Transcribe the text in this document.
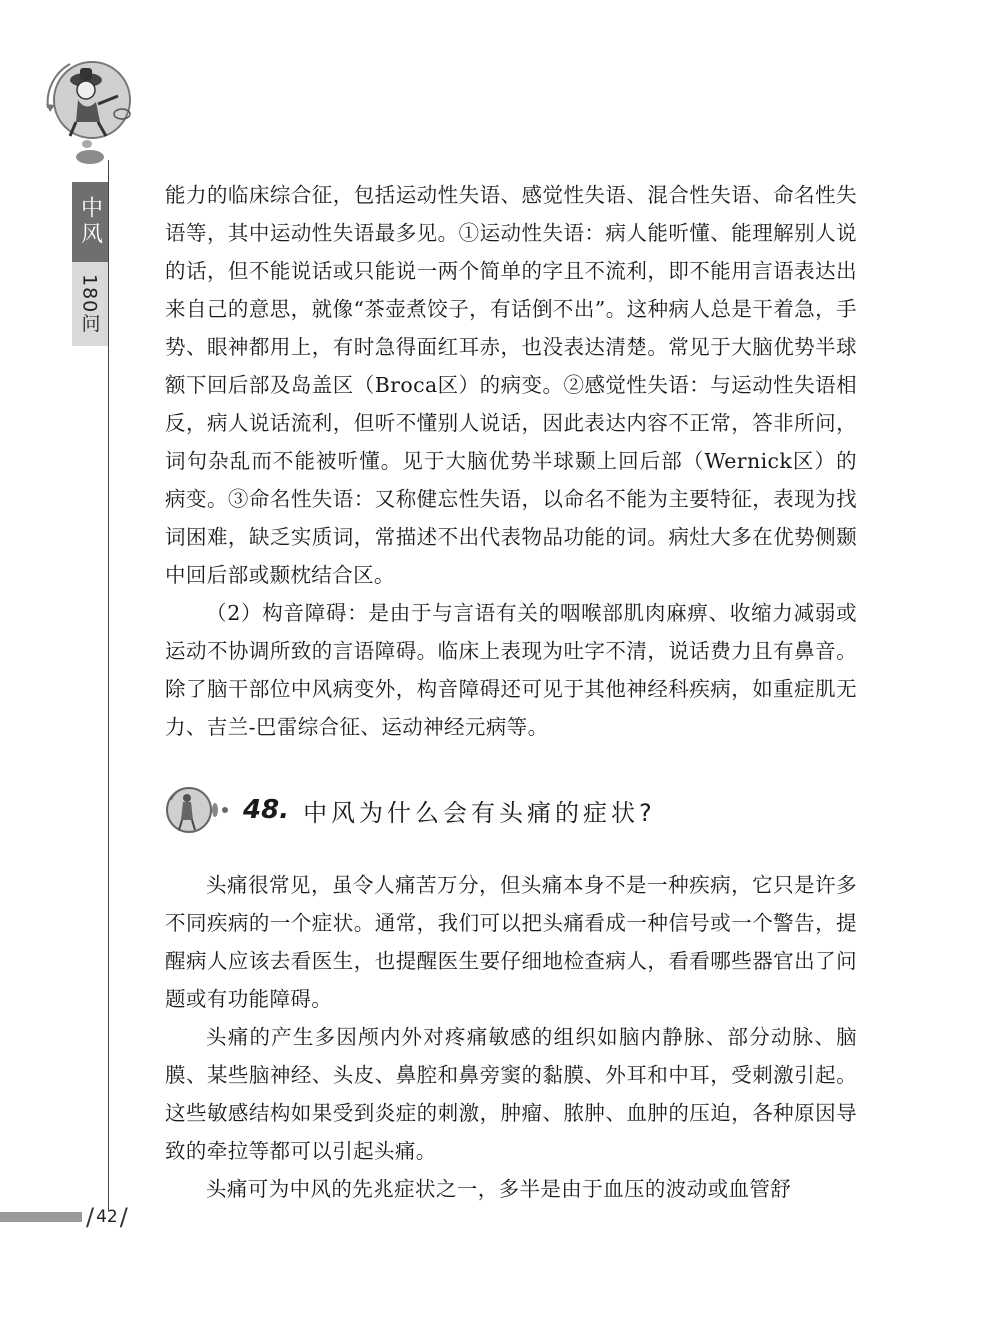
中风
180问
/ 42 /

能力的临床综合征，包括运动性失语、感觉性失语、混合性失语、命名性失语等，其中运动性失语最多见。①运动性失语：病人能听懂、能理解别人说的话，但不能说话或只能说一两个简单的字且不流利，即不能用言语表达出来自己的意思，就像“茶壶煮饺子，有话倒不出”。这种病人总是干着急，手势、眼神都用上，有时急得面红耳赤，也没表达清楚。常见于大脑优势半球额下回后部及岛盖区（Broca区）的病变。②感觉性失语：与运动性失语相反，病人说话流利，但听不懂别人说话，因此表达内容不正常，答非所问，词句杂乱而不能被听懂。见于大脑优势半球颞上回后部（Wernick区）的病变。③命名性失语：又称健忘性失语，以命名不能为主要特征，表现为找词困难，缺乏实质词，常描述不出代表物品功能的词。病灶大多在优势侧颞中回后部或颞枕结合区。

（2）构音障碍：是由于与言语有关的咽喉部肌肉麻痹、收缩力减弱或运动不协调所致的言语障碍。临床上表现为吐字不清，说话费力且有鼻音。除了脑干部位中风病变外，构音障碍还可见于其他神经科疾病，如重症肌无力、吉兰-巴雷综合征、运动神经元病等。

48. 中风为什么会有头痛的症状?

头痛很常见，虽令人痛苦万分，但头痛本身不是一种疾病，它只是许多不同疾病的一个症状。通常，我们可以把头痛看成一种信号或一个警告，提醒病人应该去看医生，也提醒医生要仔细地检查病人，看看哪些器官出了问题或有功能障碍。

头痛的产生多因颅内外对疼痛敏感的组织如脑内静脉、部分动脉、脑膜、某些脑神经、头皮、鼻腔和鼻旁窦的黏膜、外耳和中耳，受刺激引起。这些敏感结构如果受到炎症的刺激，肿瘤、脓肿、血肿的压迫，各种原因导致的牵拉等都可以引起头痛。

头痛可为中风的先兆症状之一，多半是由于血压的波动或血管舒
